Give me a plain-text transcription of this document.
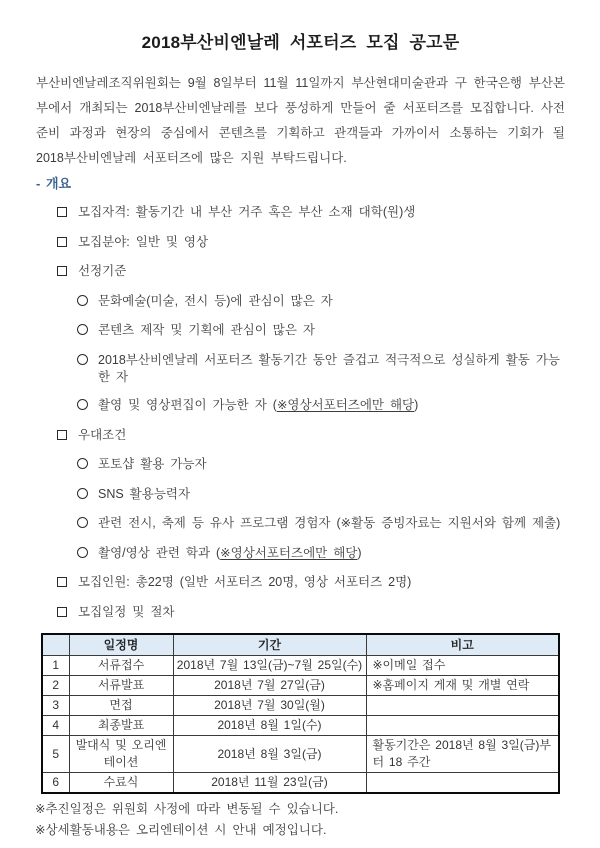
2018부산비엔날레 서포터즈 모집 공고문

부산비엔날레조직위원회는 9월 8일부터 11월 11일까지 부산현대미술관과 구 한국은행 부산본부에서 개최되는 2018부산비엔날레를 보다 풍성하게 만들어 줄 서포터즈를 모집합니다. 사전 준비 과정과 현장의 중심에서 콘텐츠를 기획하고 관객들과 가까이서 소통하는 기회가 될 2018부산비엔날레 서포터즈에 많은 지원 부탁드립니다.

- 개요
모집자격: 활동기간 내 부산 거주 혹은 부산 소재 대학(원)생
모집분야: 일반 및 영상
선정기준
문화예술(미술, 전시 등)에 관심이 많은 자
콘텐츠 제작 및 기획에 관심이 많은 자
2018부산비엔날레 서포터즈 활동기간 동안 즐겁고 적극적으로 성실하게 활동 가능한 자
촬영 및 영상편집이 가능한 자 (※영상서포터즈에만 해당)
우대조건
포토샵 활용 가능자
SNS 활용능력자
관련 전시, 축제 등 유사 프로그램 경험자 (※활동 증빙자료는 지원서와 함께 제출)
촬영/영상 관련 학과 (※영상서포터즈에만 해당)
모집인원: 총22명 (일반 서포터즈 20명, 영상 서포터즈 2명)
모집일정 및 절차
	일정명	기간	비고
1	서류접수	2018년 7월 13일(금)~7월 25일(수)	※이메일 접수
2	서류발표	2018년 7월 27일(금)	※홈페이지 게재 및 개별 연락
3	면접	2018년 7월 30일(월)	
4	최종발표	2018년 8월 1일(수)	
5	발대식 및 오리엔테이션	2018년 8월 3일(금)	활동기간은 2018년 8월 3일(금)부터 18 주간
6	수료식	2018년 11월 23일(금)	
※추진일정은 위원회 사정에 따라 변동될 수 있습니다.
※상세활동내용은 오리엔테이션 시 안내 예정입니다.
